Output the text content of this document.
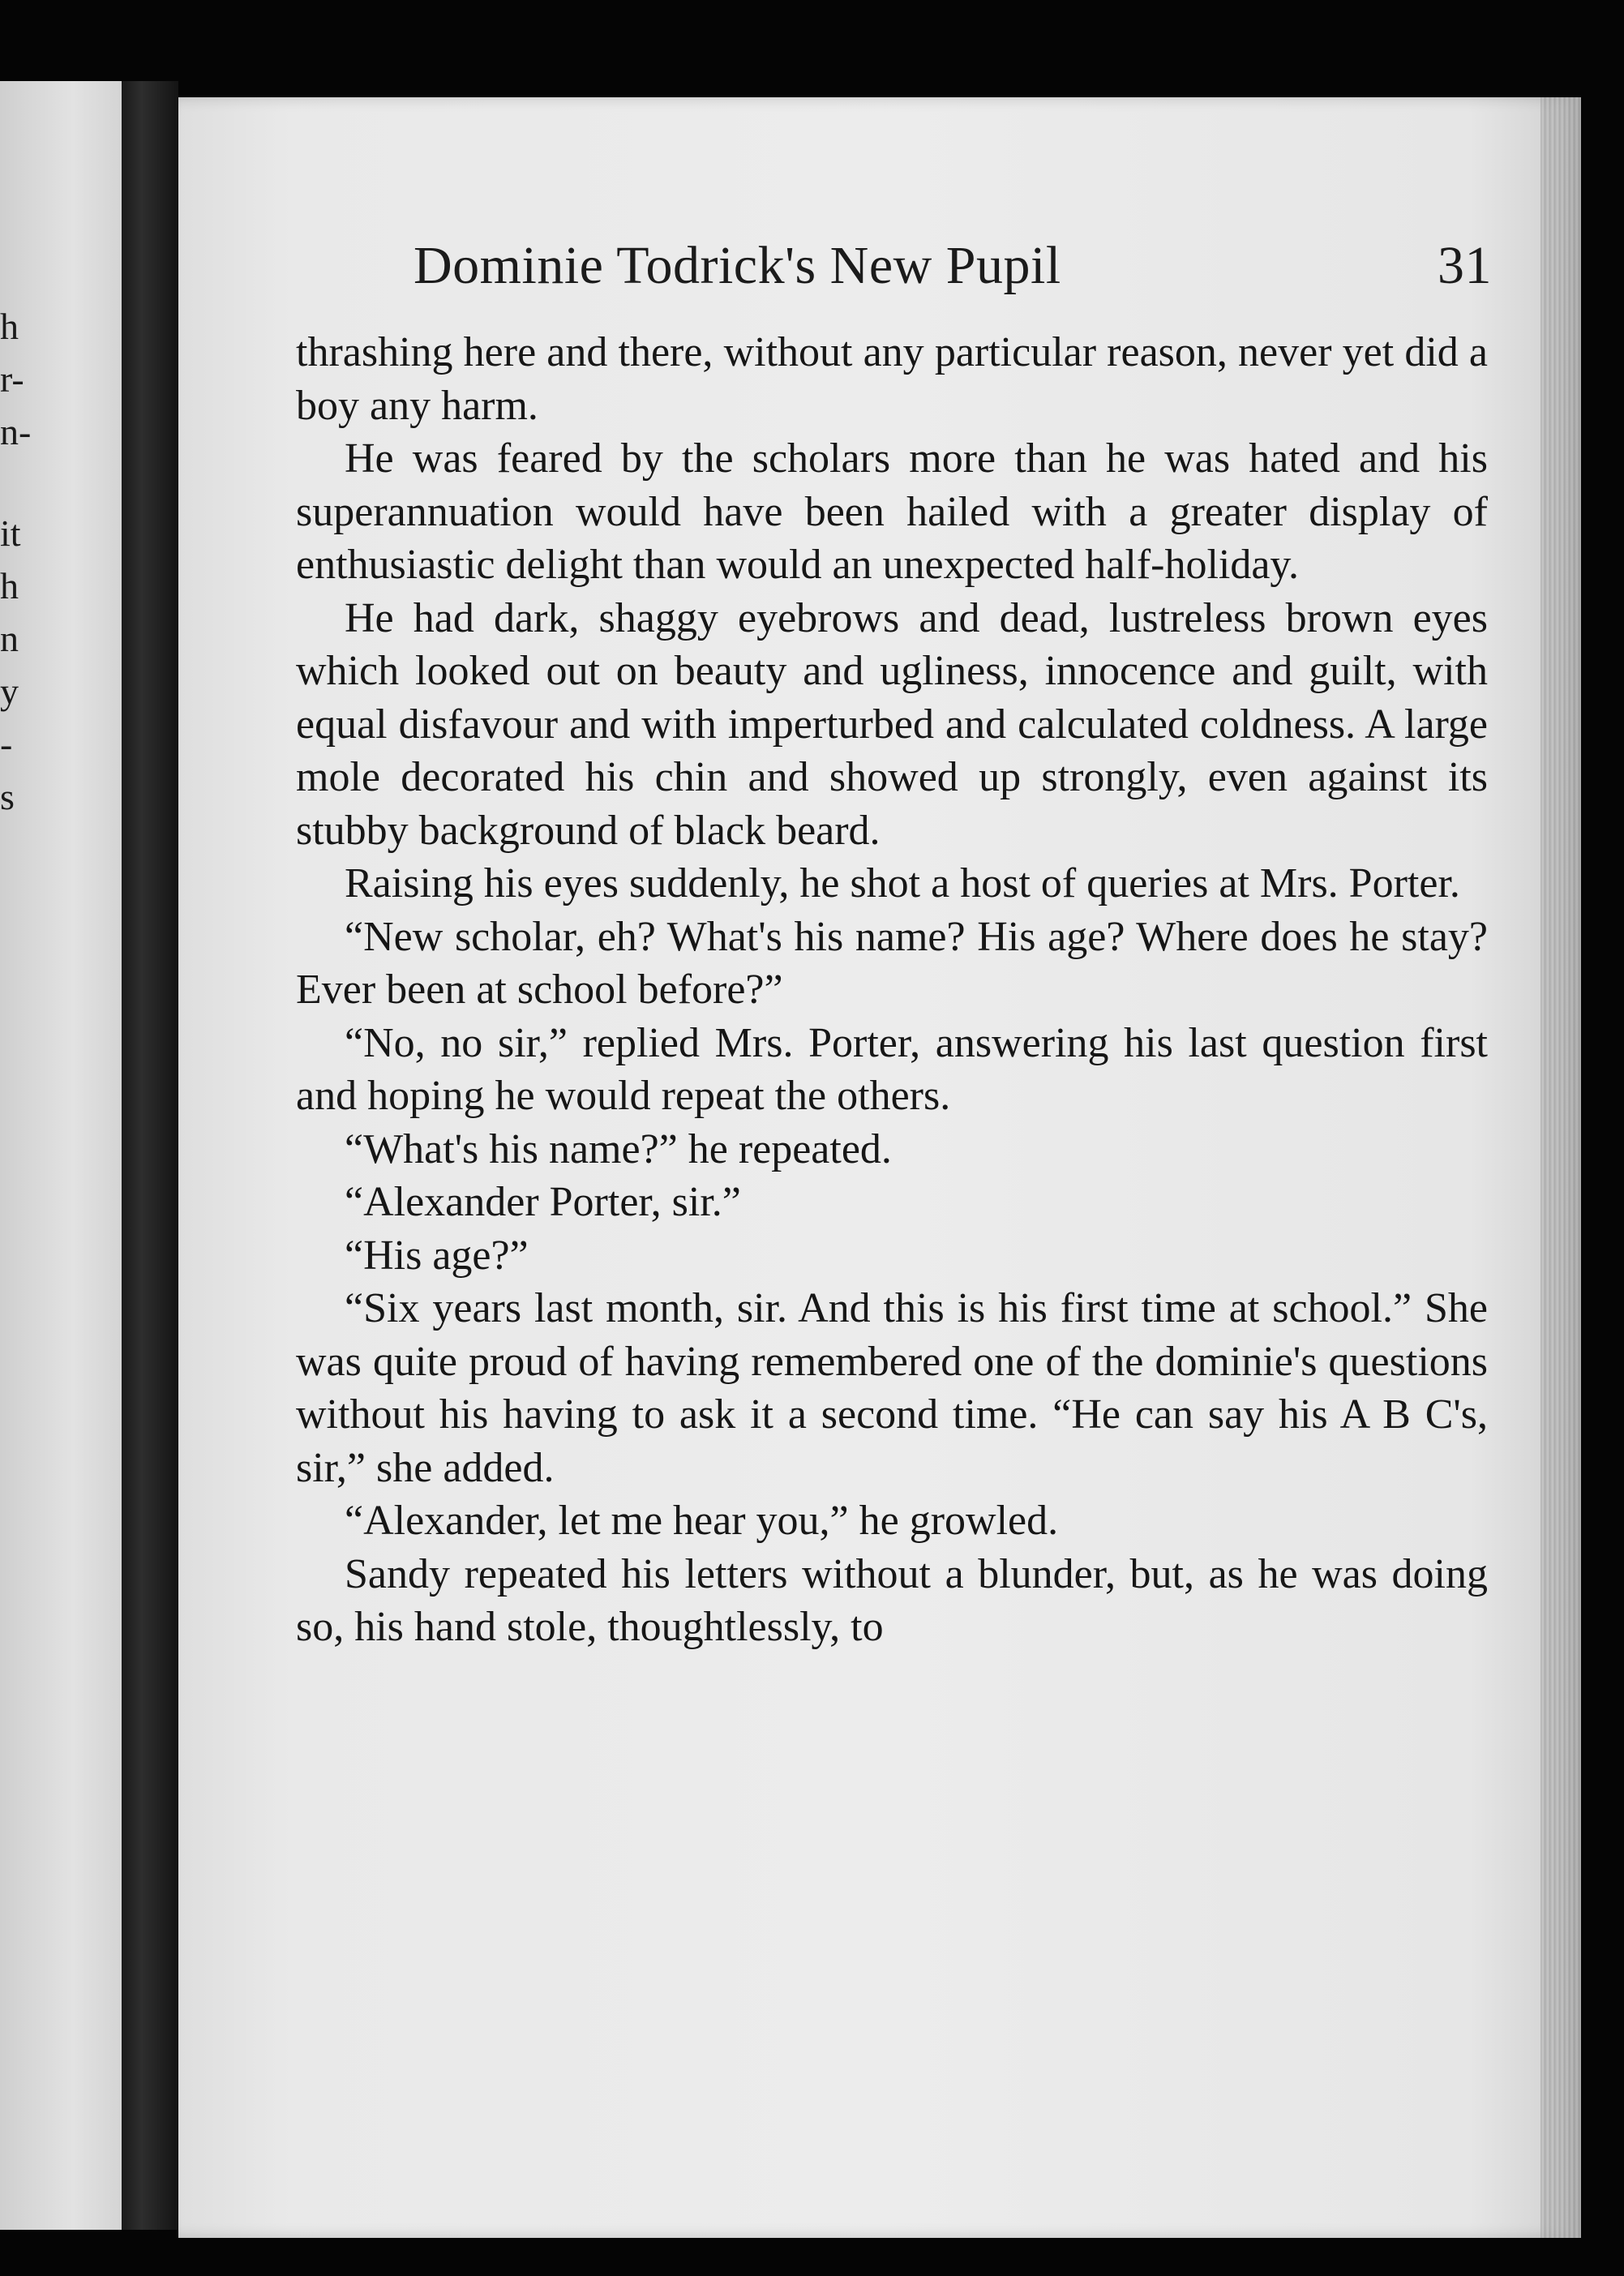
h
r-
n-
it
h
n
y
-
s
Dominie Todrick's New Pupil	31

thrashing here and there, without any particular reason, never yet did a boy any harm.

He was feared by the scholars more than he was hated and his superannuation would have been hailed with a greater display of enthusiastic delight than would an unexpected half-holiday.

He had dark, shaggy eyebrows and dead, lustreless brown eyes which looked out on beauty and ugliness, innocence and guilt, with equal disfavour and with imperturbed and calculated coldness. A large mole decorated his chin and showed up strongly, even against its stubby background of black beard.

Raising his eyes suddenly, he shot a host of queries at Mrs. Porter.

“New scholar, eh? What's his name? His age? Where does he stay? Ever been at school before?”

“No, no sir,” replied Mrs. Porter, answering his last question first and hoping he would repeat the others.

“What's his name?” he repeated.

“Alexander Porter, sir.”

“His age?”

“Six years last month, sir. And this is his first time at school.” She was quite proud of having remembered one of the dominie's questions without his having to ask it a second time. “He can say his A B C's, sir,” she added.

“Alexander, let me hear you,” he growled.

Sandy repeated his letters without a blunder, but, as he was doing so, his hand stole, thoughtlessly, to
